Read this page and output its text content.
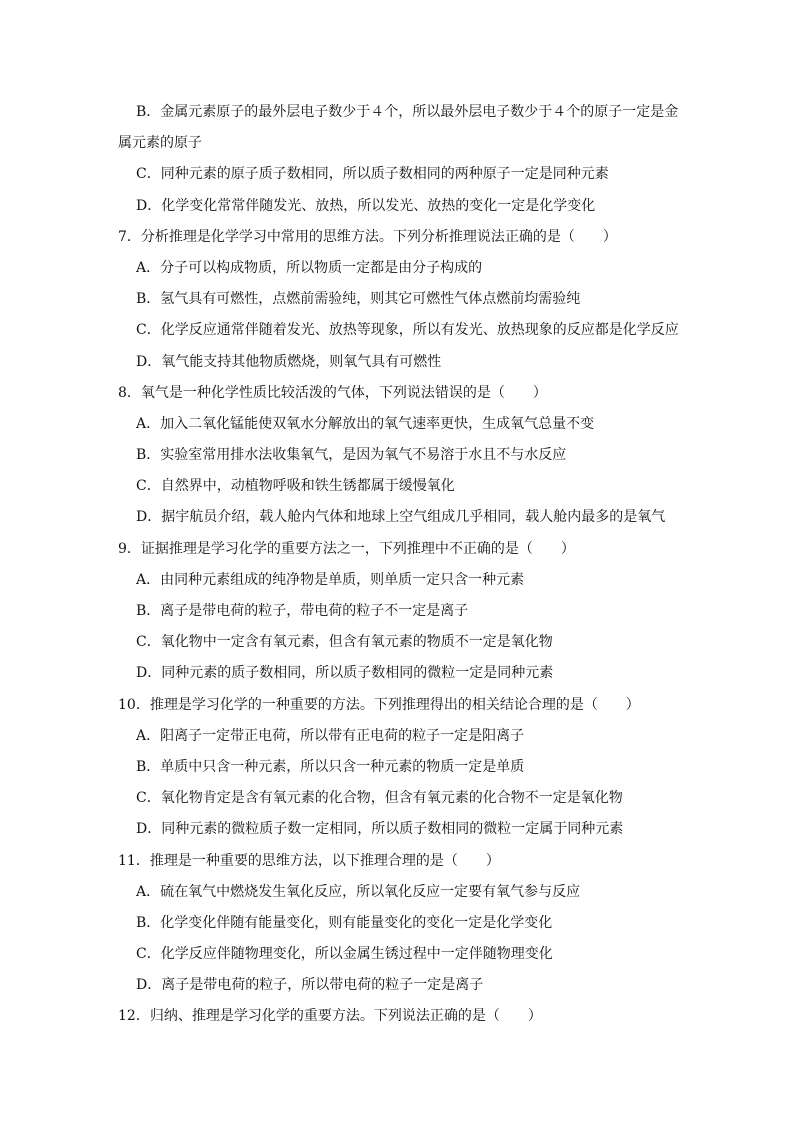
B．金属元素原子的最外层电子数少于４个，所以最外层电子数少于４个的原子一定是金
属元素的原子
C．同种元素的原子质子数相同，所以质子数相同的两种原子一定是同种元素
D．化学变化常常伴随发光、放热，所以发光、放热的变化一定是化学变化
7．分析推理是化学学习中常用的思维方法。下列分析推理说法正确的是（　　）
A．分子可以构成物质，所以物质一定都是由分子构成的
B．氢气具有可燃性，点燃前需验纯，则其它可燃性气体点燃前均需验纯
C．化学反应通常伴随着发光、放热等现象，所以有发光、放热现象的反应都是化学反应
D．氧气能支持其他物质燃烧，则氧气具有可燃性
8．氧气是一种化学性质比较活泼的气体，下列说法错误的是（　　）
A．加入二氧化锰能使双氧水分解放出的氧气速率更快，生成氧气总量不变
B．实验室常用排水法收集氧气，是因为氧气不易溶于水且不与水反应
C．自然界中，动植物呼吸和铁生锈都属于缓慢氧化
D．据宇航员介绍，载人舱内气体和地球上空气组成几乎相同，载人舱内最多的是氧气
9．证据推理是学习化学的重要方法之一，下列推理中不正确的是（　　）
A．由同种元素组成的纯净物是单质，则单质一定只含一种元素
B．离子是带电荷的粒子，带电荷的粒子不一定是离子
C．氧化物中一定含有氧元素，但含有氧元素的物质不一定是氧化物
D．同种元素的质子数相同，所以质子数相同的微粒一定是同种元素
10．推理是学习化学的一种重要的方法。下列推理得出的相关结论合理的是（　　）
A．阳离子一定带正电荷，所以带有正电荷的粒子一定是阳离子
B．单质中只含一种元素，所以只含一种元素的物质一定是单质
C．氧化物肯定是含有氧元素的化合物，但含有氧元素的化合物不一定是氧化物
D．同种元素的微粒质子数一定相同，所以质子数相同的微粒一定属于同种元素
11．推理是一种重要的思维方法，以下推理合理的是（　　）
A．硫在氧气中燃烧发生氧化反应，所以氧化反应一定要有氧气参与反应
B．化学变化伴随有能量变化，则有能量变化的变化一定是化学变化
C．化学反应伴随物理变化，所以金属生锈过程中一定伴随物理变化
D．离子是带电荷的粒子，所以带电荷的粒子一定是离子
12．归纳、推理是学习化学的重要方法。下列说法正确的是（　　）
